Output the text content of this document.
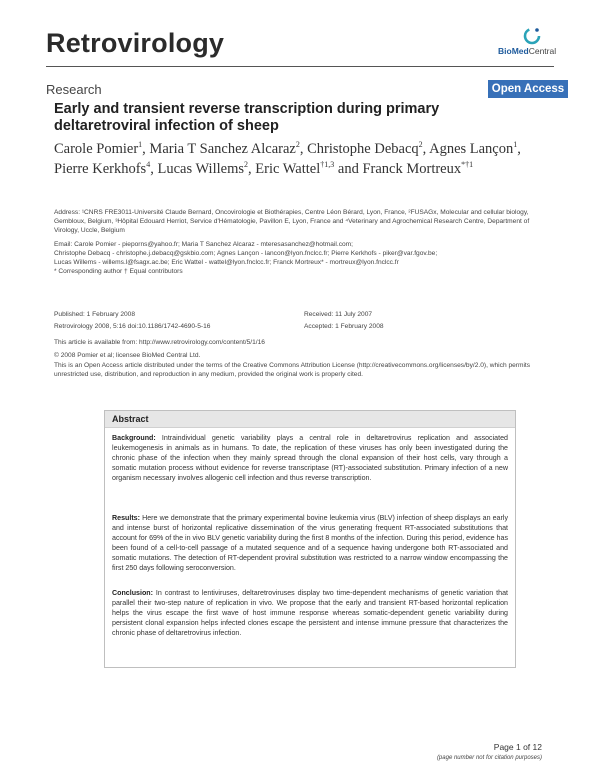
Retrovirology	BioMedCentral
Research	Open Access
Early and transient reverse transcription during primary deltaretroviral infection of sheep
Carole Pomier$^1$, Maria T Sanchez Alcaraz$^2$, Christophe Debacq$^2$, Agnes Lançon$^1$, Pierre Kerkhofs$^4$, Lucas Willems$^2$, Eric Wattel$^{\dagger 1,3}$ and Franck Mortreux$^{*\dagger 1}$
Address: ¹CNRS FRE3011-Université Claude Bernard, Oncovirologie et Biothérapies, Centre Léon Bérard, Lyon, France, ²FUSAGx, Molecular and cellular biology, Gembloux, Belgium, ³Hôpital Edouard Herriot, Service d'Hématologie, Pavillon E, Lyon, France and ⁴Veterinary and Agrochemical Research Centre, Department of Virology, Uccle, Belgium
Email: Carole Pomier - pieporns@yahoo.fr; Maria T Sanchez Alcaraz - mteresasanchez@hotmail.com;
Christophe Debacq - christophe.j.debacq@gskbio.com; Agnes Lançon - lancon@lyon.fnclcc.fr; Pierre Kerkhofs - piker@var.fgov.be;
Lucas Willems - willems.l@fsagx.ac.be; Eric Wattel - wattel@lyon.fnclcc.fr; Franck Mortreux* - mortreux@lyon.fnclcc.fr
* Corresponding author † Equal contributors
Published: 1 February 2008
Retrovirology 2008, 5:16 doi:10.1186/1742-4690-5-16
Received: 11 July 2007
Accepted: 1 February 2008
This article is available from: http://www.retrovirology.com/content/5/1/16
© 2008 Pomier et al; licensee BioMed Central Ltd.
This is an Open Access article distributed under the terms of the Creative Commons Attribution License (http://creativecommons.org/licenses/by/2.0), which permits unrestricted use, distribution, and reproduction in any medium, provided the original work is properly cited.
Abstract
Background: Intraindividual genetic variability plays a central role in deltaretrovirus replication and associated leukemogenesis in animals as in humans. To date, the replication of these viruses has only been investigated during the chronic phase of the infection when they mainly spread through the clonal expansion of their host cells, vary through a somatic mutation process without evidence for reverse transcriptase (RT)-associated substitution. Primary infection of a new organism necessary involves allogenic cell infection and thus reverse transcription.
Results: Here we demonstrate that the primary experimental bovine leukemia virus (BLV) infection of sheep displays an early and intense burst of horizontal replicative dissemination of the virus generating frequent RT-associated substitutions that account for 69% of the in vivo BLV genetic variability during the first 8 months of the infection. During this period, evidence has been found of a cell-to-cell passage of a mutated sequence and of a sequence having undergone both RT-associated and somatic mutations. The detection of RT-dependent proviral substitution was restricted to a narrow window encompassing the first 250 days following seroconversion.
Conclusion: In contrast to lentiviruses, deltaretroviruses display two time-dependent mechanisms of genetic variation that parallel their two-step nature of replication in vivo. We propose that the early and transient RT-based horizontal replication helps the virus escape the first wave of host immune response whereas somatic-dependent genetic variability during persistent clonal expansion helps infected clones escape the persistent and intense immune pressure that characterizes the chronic phase of deltaretrovirus infection.
Page 1 of 12
(page number not for citation purposes)
